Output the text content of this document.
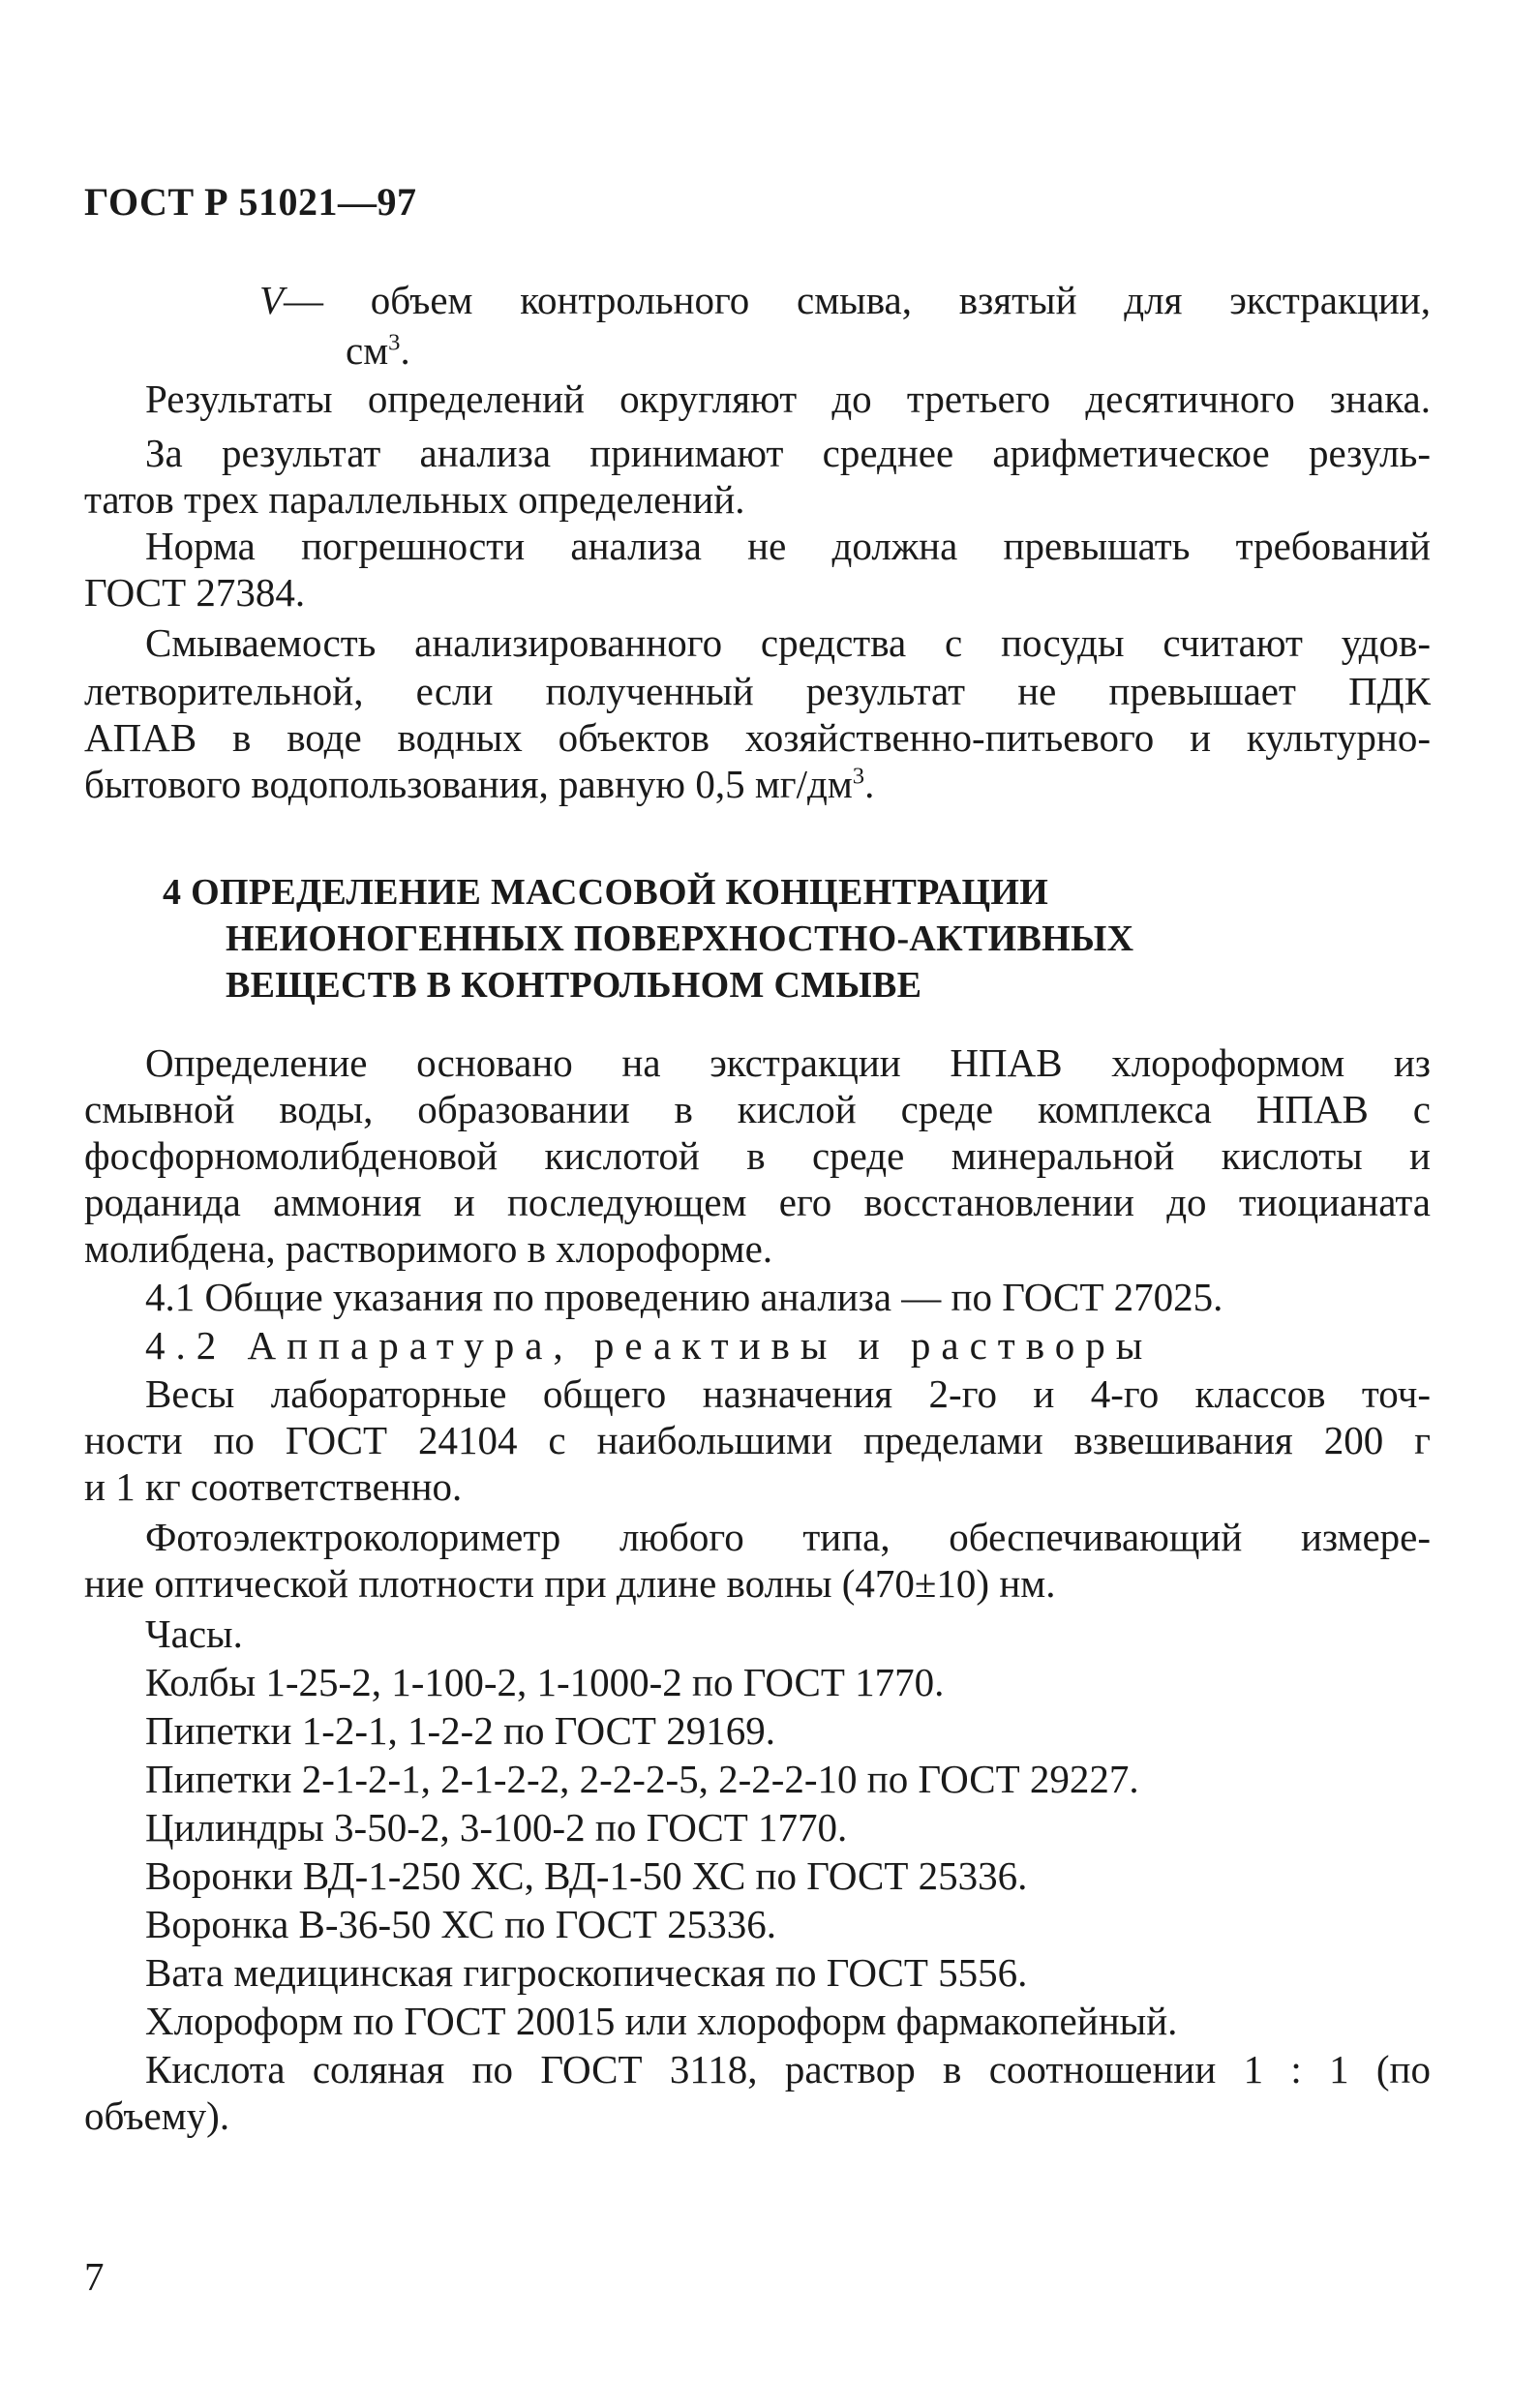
ГОСТ Р 51021—97
V— объем контрольного смыва, взятый для экстракции,
$см^3$.
Результаты определений округляют до третьего десятичного знака.
За результат анализа принимают среднее арифметическое резуль-
татов трех параллельных определений.
Норма погрешности анализа не должна превышать требований
ГОСТ 27384.
Смываемость анализированного средства с посуды считают удов-
летворительной, если полученный результат не превышает ПДК
АПАВ в воде водных объектов хозяйственно-питьевого и культурно-
бытового водопользования, равную 0,5 $мг/дм^3$.
4 ОПРЕДЕЛЕНИЕ МАССОВОЙ КОНЦЕНТРАЦИИ
НЕИОНОГЕННЫХ ПОВЕРХНОСТНО-АКТИВНЫХ
ВЕЩЕСТВ В КОНТРОЛЬНОМ СМЫВЕ
Определение основано на экстракции НПАВ хлороформом из
смывной воды, образовании в кислой среде комплекса НПАВ с
фосфорномолибденовой кислотой в среде минеральной кислоты и
роданида аммония и последующем его восстановлении до тиоцианата
молибдена, растворимого в хлороформе.
4.1 Общие указания по проведению анализа — по ГОСТ 27025.
4.2 Аппаратура, реактивы и растворы
Весы лабораторные общего назначения 2-го и 4-го классов точ-
ности по ГОСТ 24104 с наибольшими пределами взвешивания 200 г
и 1 кг соответственно.
Фотоэлектроколориметр любого типа, обеспечивающий измере-
ние оптической плотности при длине волны (470±10) нм.
Часы.
Колбы 1-25-2, 1-100-2, 1-1000-2 по ГОСТ 1770.
Пипетки 1-2-1, 1-2-2 по ГОСТ 29169.
Пипетки 2-1-2-1, 2-1-2-2, 2-2-2-5, 2-2-2-10 по ГОСТ 29227.
Цилиндры 3-50-2, 3-100-2 по ГОСТ 1770.
Воронки ВД-1-250 ХС, ВД-1-50 ХС по ГОСТ 25336.
Воронка В-36-50 ХС по ГОСТ 25336.
Вата медицинская гигроскопическая по ГОСТ 5556.
Хлороформ по ГОСТ 20015 или хлороформ фармакопейный.
Кислота соляная по ГОСТ 3118, раствор в соотношении 1 : 1 (по
объему).
7
